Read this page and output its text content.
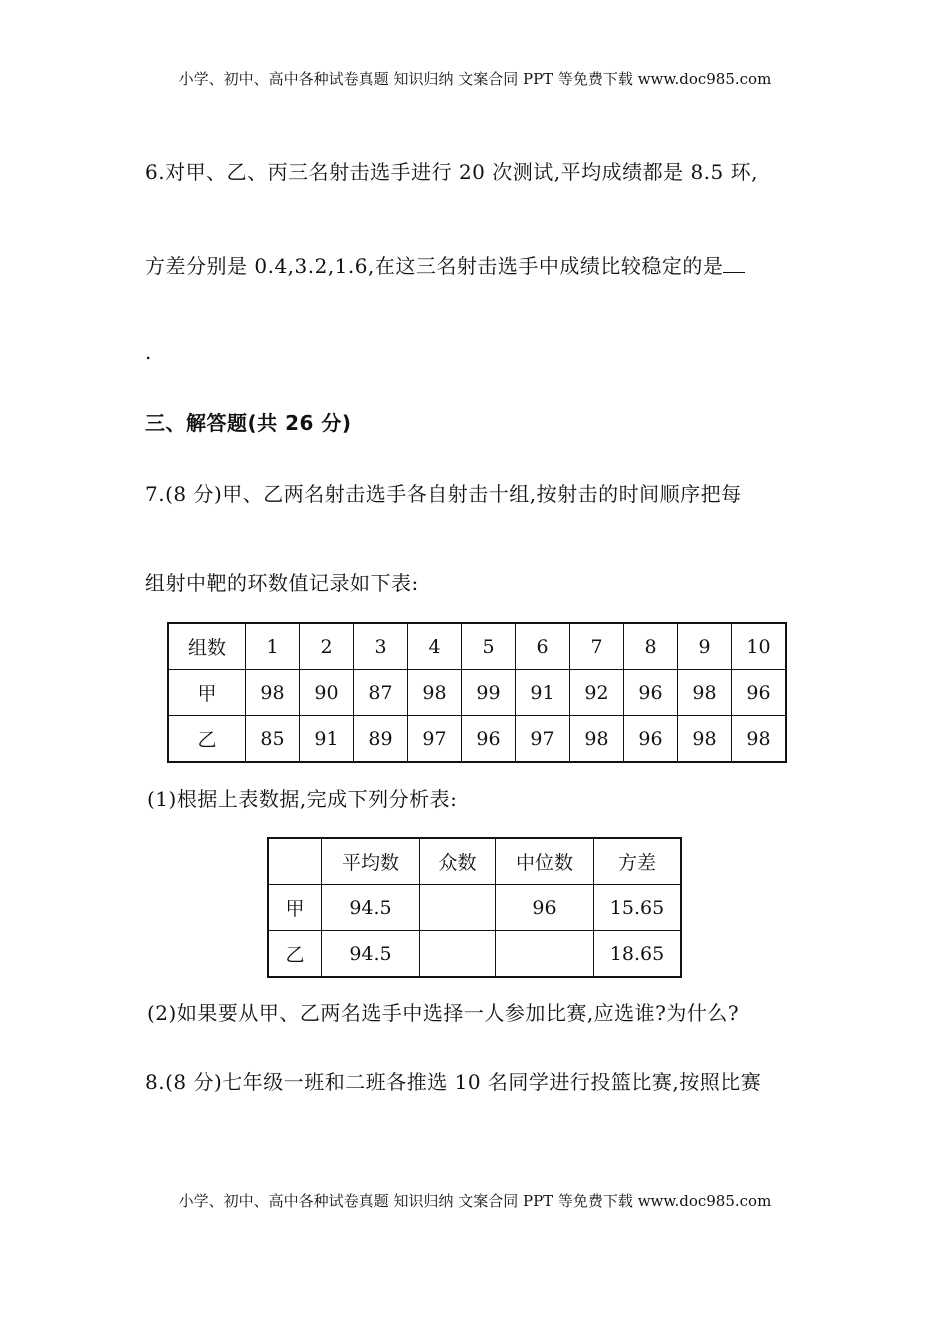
小学、初中、高中各种试卷真题 知识归纳 文案合同 PPT 等免费下载 www.doc985.com
6.对甲、乙、丙三名射击选手进行 20 次测试,平均成绩都是 8.5 环,
方差分别是 0.4,3.2,1.6,在这三名射击选手中成绩比较稳定的是
.
三、解答题(共 26 分)
7.(8 分)甲、乙两名射击选手各自射击十组,按射击的时间顺序把每
组射中靶的环数值记录如下表:
组数	1	2	3	4	5	6	7	8	9	10
甲	98	90	87	98	99	91	92	96	98	96
乙	85	91	89	97	96	97	98	96	98	98
(1)根据上表数据,完成下列分析表:
	平均数	众数	中位数	方差
甲	94.5		96	15.65
乙	94.5			18.65
(2)如果要从甲、乙两名选手中选择一人参加比赛,应选谁?为什么?
8.(8 分)七年级一班和二班各推选 10 名同学进行投篮比赛,按照比赛
小学、初中、高中各种试卷真题 知识归纳 文案合同 PPT 等免费下载 www.doc985.com
